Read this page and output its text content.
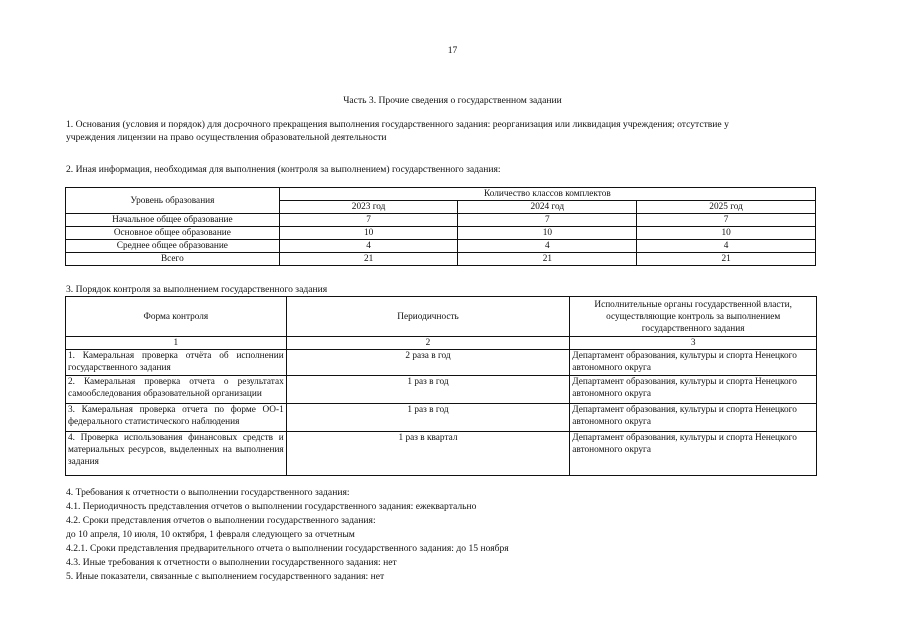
17
Часть 3. Прочие сведения о государственном задании
1. Основания (условия и порядок) для досрочного прекращения выполнения государственного задания: реорганизация или ликвидация учреждения; отсутствие у
учреждения лицензии на право осуществления образовательной деятельности
2. Иная информация, необходимая для выполнения (контроля за выполнением) государственного задания:
Уровень образования	Количество классов комплектов		
	2023 год	2024 год	2025 год
Начальное общее образование	7	7	7
Основное общее образование	10	10	10
Среднее общее образование	4	4	4
Всего	21	21	21
3. Порядок контроля за выполнением государственного задания
Форма контроля	Периодичность	Исполнительные органы государственной власти, осуществляющие контроль за выполнением государственного задания
1	2	3
1. Камеральная проверка отчёта об исполнении государственного задания	2 раза в год	Департамент образования, культуры и спорта Ненецкого автономного округа
2. Камеральная проверка отчета о результатах самообследования образовательной организации	1 раз в год	Департамент образования, культуры и спорта Ненецкого автономного округа
3. Камеральная проверка отчета по форме ОО-1 федерального статистического наблюдения	1 раз в год	Департамент образования, культуры и спорта Ненецкого автономного округа
4. Проверка использования финансовых средств и материальных ресурсов, выделенных на выполнения задания	1 раз в квартал	Департамент образования, культуры и спорта Ненецкого автономного округа
4. Требования к отчетности о выполнении государственного задания:
4.1. Периодичность представления отчетов о выполнении государственного задания: ежеквартально
4.2. Сроки представления отчетов о выполнении государственного задания:
до 10 апреля, 10 июля, 10 октября, 1 февраля следующего за отчетным
4.2.1. Сроки представления предварительного отчета о выполнении государственного задания: до 15 ноября
4.3. Иные требования к отчетности о выполнении государственного задания: нет
5. Иные показатели, связанные с выполнением государственного задания: нет
